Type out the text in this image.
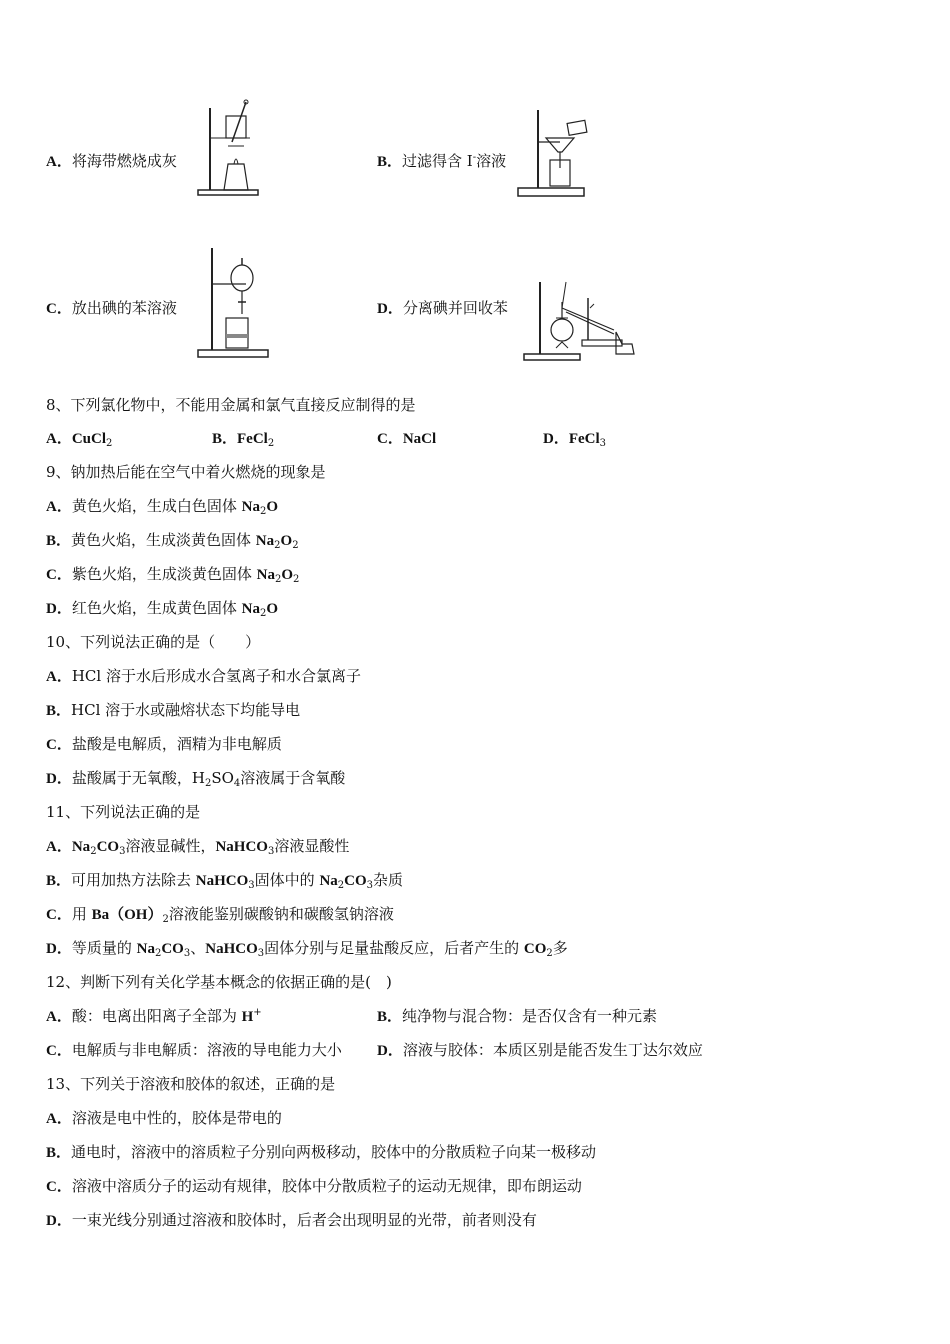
A．将海带燃烧成灰	B．过滤得含 I-溶液
C．放出碘的苯溶液	D．分离碘并回收苯
8、下列氯化物中，不能用金属和氯气直接反应制得的是
A．CuCl$_2$	B．FeCl$_2$	C．NaCl	D．FeCl$_3$
9、钠加热后能在空气中着火燃烧的现象是
A．黄色火焰，生成白色固体 $Na_2O$
B．黄色火焰，生成淡黄色固体 $Na_2O_2$
C．紫色火焰，生成淡黄色固体 $Na_2O_2$
D．红色火焰，生成黄色固体 $Na_2O$
10、下列说法正确的是（　　）
A．HCl 溶于水后形成水合氢离子和水合氯离子
B．HCl 溶于水或融熔状态下均能导电
C．盐酸是电解质，酒精为非电解质
D．盐酸属于无氧酸，$H_2SO_4$溶液属于含氧酸
11、下列说法正确的是
A．$Na_2CO_3$溶液显碱性，NaHCO$_3$溶液显酸性
B．可用加热方法除去 NaHCO$_3$固体中的 $Na_2CO_3$杂质
C．用 $Ba(OH)_2$溶液能鉴别碳酸钠和碳酸氢钠溶液
D．等质量的 $Na_2CO_3$、NaHCO$_3$固体分别与足量盐酸反应，后者产生的 $CO_2$多
12、判断下列有关化学基本概念的依据正确的是(　)
A．酸：电离出阳离子全部为 H+	B．纯净物与混合物：是否仅含有一种元素
C．电解质与非电解质：溶液的导电能力大小 D．溶液与胶体：本质区别是能否发生丁达尔效应
13、下列关于溶液和胶体的叙述，正确的是
A．溶液是电中性的，胶体是带电的
B．通电时，溶液中的溶质粒子分别向两极移动，胶体中的分散质粒子向某一极移动
C．溶液中溶质分子的运动有规律，胶体中分散质粒子的运动无规律，即布朗运动
D．一束光线分别通过溶液和胶体时，后者会出现明显的光带，前者则没有
